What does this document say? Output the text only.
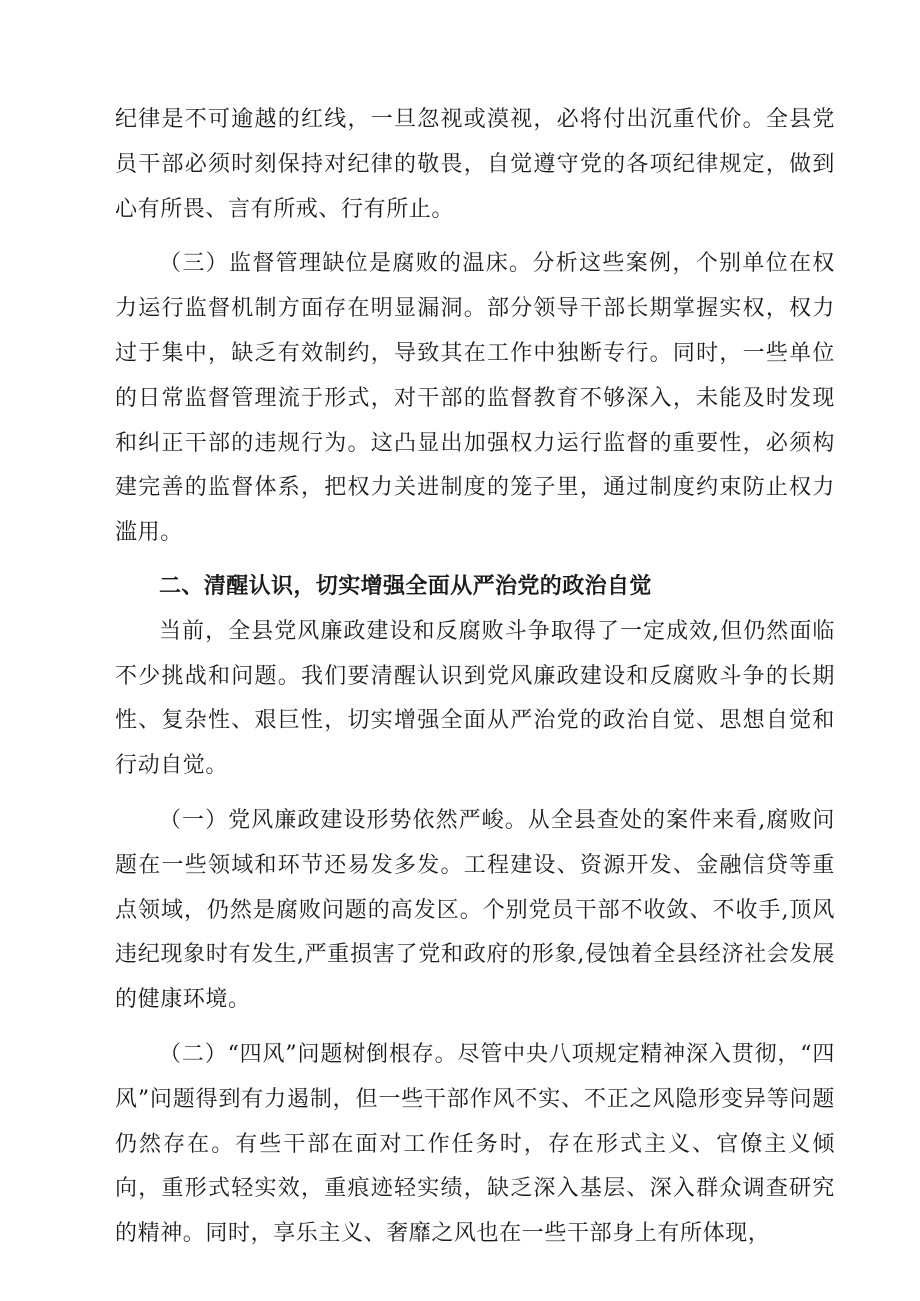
纪律是不可逾越的红线，一旦忽视或漠视，必将付出沉重代价。全县党员干部必须时刻保持对纪律的敬畏，自觉遵守党的各项纪律规定，做到心有所畏、言有所戒、行有所止。

（三）监督管理缺位是腐败的温床。分析这些案例，个别单位在权力运行监督机制方面存在明显漏洞。部分领导干部长期掌握实权，权力过于集中，缺乏有效制约，导致其在工作中独断专行。同时，一些单位的日常监督管理流于形式，对干部的监督教育不够深入，未能及时发现和纠正干部的违规行为。这凸显出加强权力运行监督的重要性，必须构建完善的监督体系，把权力关进制度的笼子里，通过制度约束防止权力滥用。

二、清醒认识，切实增强全面从严治党的政治自觉

当前，全县党风廉政建设和反腐败斗争取得了一定成效,但仍然面临不少挑战和问题。我们要清醒认识到党风廉政建设和反腐败斗争的长期性、复杂性、艰巨性，切实增强全面从严治党的政治自觉、思想自觉和行动自觉。

（一）党风廉政建设形势依然严峻。从全县查处的案件来看,腐败问题在一些领域和环节还易发多发。工程建设、资源开发、金融信贷等重点领域，仍然是腐败问题的高发区。个别党员干部不收敛、不收手,顶风违纪现象时有发生,严重损害了党和政府的形象,侵蚀着全县经济社会发展的健康环境。

（二）“四风”问题树倒根存。尽管中央八项规定精神深入贯彻，“四风”问题得到有力遏制，但一些干部作风不实、不正之风隐形变异等问题仍然存在。有些干部在面对工作任务时，存在形式主义、官僚主义倾向，重形式轻实效，重痕迹轻实绩，缺乏深入基层、深入群众调查研究的精神。同时，享乐主义、奢靡之风也在一些干部身上有所体现，
